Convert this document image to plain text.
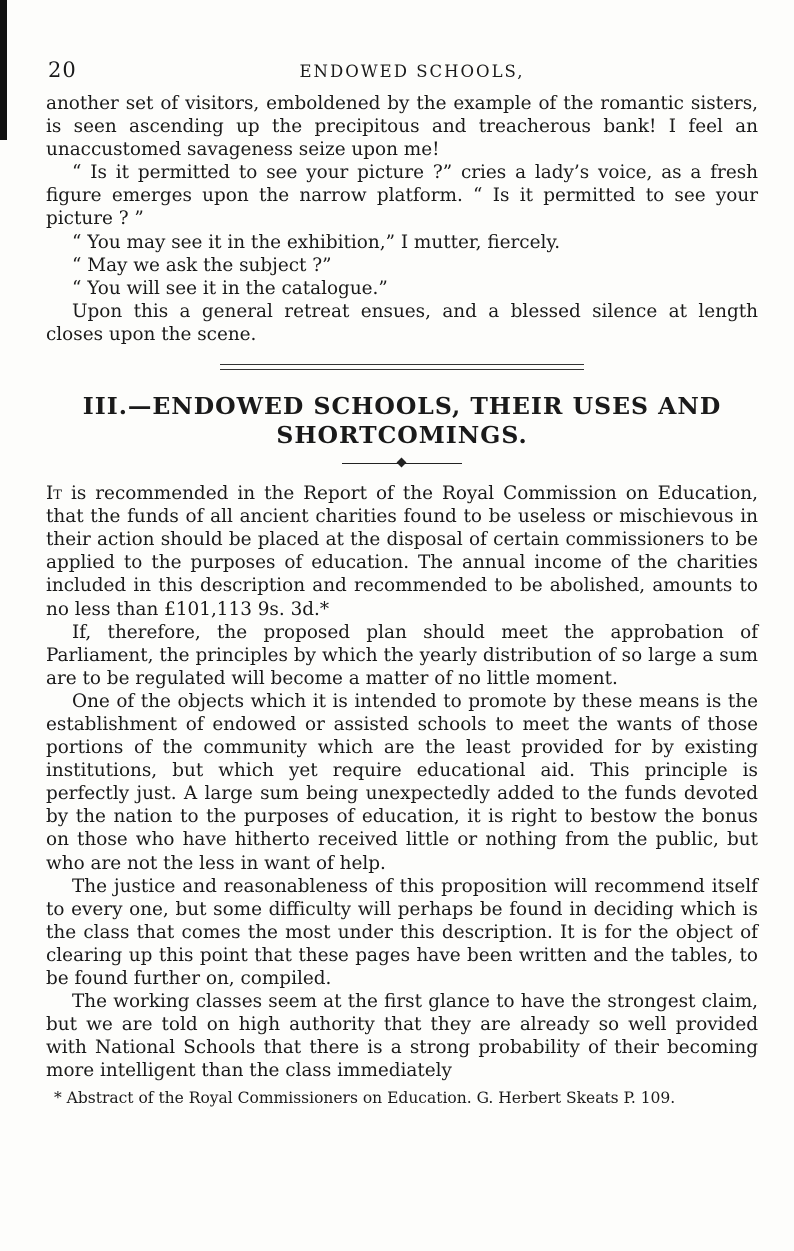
20	ENDOWED SCHOOLS,

another set of visitors, emboldened by the example of the romantic sisters, is seen ascending up the precipitous and treacherous bank! I feel an unaccustomed savageness seize upon me!

“ Is it permitted to see your picture ?” cries a lady’s voice, as a fresh figure emerges upon the narrow platform. “ Is it permitted to see your picture ? ”

“ You may see it in the exhibition,” I mutter, fiercely.

“ May we ask the subject ?”

“ You will see it in the catalogue.”

Upon this a general retreat ensues, and a blessed silence at length closes upon the scene.

III.—ENDOWED SCHOOLS, THEIR USES AND
SHORTCOMINGS.

It is recommended in the Report of the Royal Commission on Education, that the funds of all ancient charities found to be useless or mischievous in their action should be placed at the disposal of certain commissioners to be applied to the purposes of education. The annual income of the charities included in this description and recommended to be abolished, amounts to no less than £101,113 9s. 3d.*

If, therefore, the proposed plan should meet the approbation of Parliament, the principles by which the yearly distribution of so large a sum are to be regulated will become a matter of no little moment.

One of the objects which it is intended to promote by these means is the establishment of endowed or assisted schools to meet the wants of those portions of the community which are the least provided for by existing institutions, but which yet require educational aid. This principle is perfectly just. A large sum being unexpectedly added to the funds devoted by the nation to the purposes of education, it is right to bestow the bonus on those who have hitherto received little or nothing from the public, but who are not the less in want of help.

The justice and reasonableness of this proposition will recommend itself to every one, but some difficulty will perhaps be found in deciding which is the class that comes the most under this description. It is for the object of clearing up this point that these pages have been written and the tables, to be found further on, compiled.

The working classes seem at the first glance to have the strongest claim, but we are told on high authority that they are already so well provided with National Schools that there is a strong probability of their becoming more intelligent than the class immediately

* Abstract of the Royal Commissioners on Education. G. Herbert Skeats P. 109.
